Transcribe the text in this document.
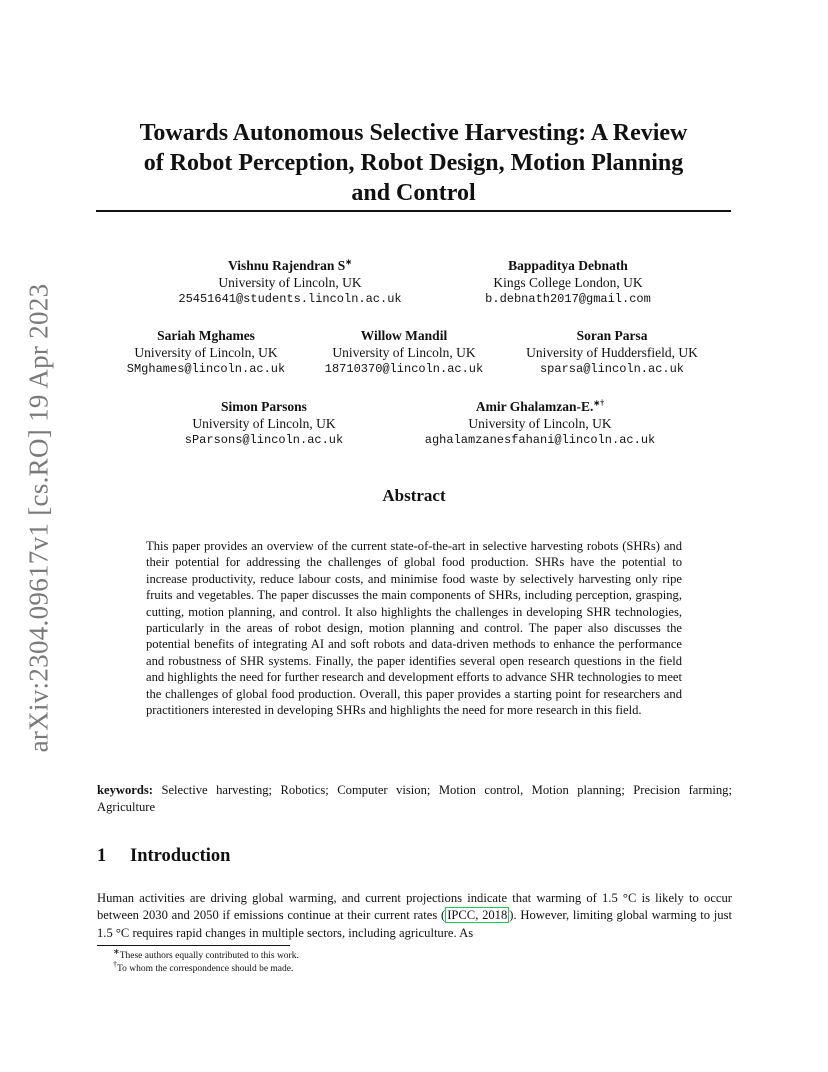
arXiv:2304.09617v1 [cs.RO] 19 Apr 2023
Towards Autonomous Selective Harvesting: A Review
of Robot Perception, Robot Design, Motion Planning
and Control
Vishnu Rajendran S∗
University of Lincoln, UK
25451641@students.lincoln.ac.uk
Bappaditya Debnath
Kings College London, UK
b.debnath2017@gmail.com
Sariah Mghames
University of Lincoln, UK
SMghames@lincoln.ac.uk
Willow Mandil
University of Lincoln, UK
18710370@lincoln.ac.uk
Soran Parsa
University of Huddersfield, UK
sparsa@lincoln.ac.uk
Simon Parsons
University of Lincoln, UK
sParsons@lincoln.ac.uk
Amir Ghalamzan-E.∗†
University of Lincoln, UK
aghalamzanesfahani@lincoln.ac.uk
Abstract
This paper provides an overview of the current state-of-the-art in selective harvesting robots (SHRs) and their potential for addressing the challenges of global food production. SHRs have the potential to increase productivity, reduce labour costs, and minimise food waste by selectively harvesting only ripe fruits and vegetables. The paper discusses the main components of SHRs, including perception, grasping, cutting, motion planning, and control. It also highlights the challenges in developing SHR technologies, particularly in the areas of robot design, motion planning and control. The paper also discusses the potential benefits of integrating AI and soft robots and data-driven methods to enhance the performance and robustness of SHR systems. Finally, the paper identifies several open research questions in the field and highlights the need for further research and development efforts to advance SHR technologies to meet the challenges of global food production. Overall, this paper provides a starting point for researchers and practitioners interested in developing SHRs and highlights the need for more research in this field.
keywords: Selective harvesting; Robotics; Computer vision; Motion control, Motion planning; Precision farming; Agriculture
1 Introduction
Human activities are driving global warming, and current projections indicate that warming of 1.5 °C is likely to occur between 2030 and 2050 if emissions continue at their current rates ( IPCC, 2018 ). However, limiting global warming to just 1.5 °C requires rapid changes in multiple sectors, including agriculture. As
∗These authors equally contributed to this work.
†To whom the correspondence should be made.
